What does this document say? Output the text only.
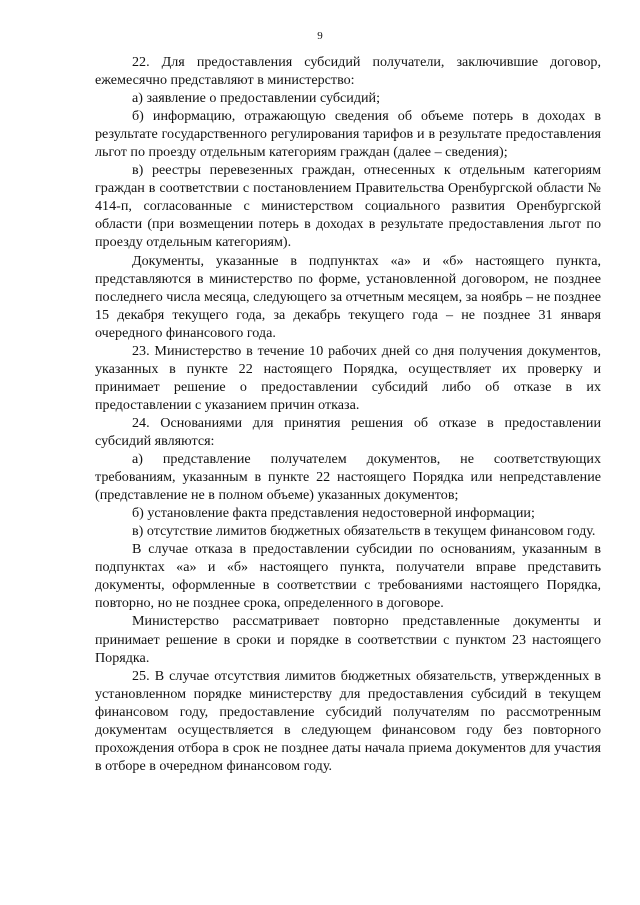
9

22. Для предоставления субсидий получатели, заключившие договор, ежемесячно представляют в министерство:

а) заявление о предоставлении субсидий;

б) информацию, отражающую сведения об объеме потерь в доходах в результате государственного регулирования тарифов и в результате предоставления льгот по проезду отдельным категориям граждан (далее – сведения);

в) реестры перевезенных граждан, отнесенных к отдельным категориям граждан в соответствии с постановлением Правительства Оренбургской области № 414-п, согласованные с министерством социального развития Оренбургской области (при возмещении потерь в доходах в результате предоставления льгот по проезду отдельным категориям).

Документы, указанные в подпунктах «а» и «б» настоящего пункта, представляются в министерство по форме, установленной договором, не позднее последнего числа месяца, следующего за отчетным месяцем, за ноябрь – не позднее 15 декабря текущего года, за декабрь текущего года – не позднее 31 января очередного финансового года.

23. Министерство в течение 10 рабочих дней со дня получения документов, указанных в пункте 22 настоящего Порядка, осуществляет их проверку и принимает решение о предоставлении субсидий либо об отказе в их предоставлении с указанием причин отказа.

24. Основаниями для принятия решения об отказе в предоставлении субсидий являются:

а) представление получателем документов, не соответствующих требованиям, указанным в пункте 22 настоящего Порядка или непредставление (представление не в полном объеме) указанных документов;

б) установление факта представления недостоверной информации;

в) отсутствие лимитов бюджетных обязательств в текущем финансовом году.

В случае отказа в предоставлении субсидии по основаниям, указанным в подпунктах «а» и «б» настоящего пункта, получатели вправе представить документы, оформленные в соответствии с требованиями настоящего Порядка, повторно, но не позднее срока, определенного в договоре.

Министерство рассматривает повторно представленные документы и принимает решение в сроки и порядке в соответствии с пунктом 23 настоящего Порядка.

25. В случае отсутствия лимитов бюджетных обязательств, утвержденных в установленном порядке министерству для предоставления субсидий в текущем финансовом году, предоставление субсидий получателям по рассмотренным документам осуществляется в следующем финансовом году без повторного прохождения отбора в срок не позднее даты начала приема документов для участия в отборе в очередном финансовом году.
